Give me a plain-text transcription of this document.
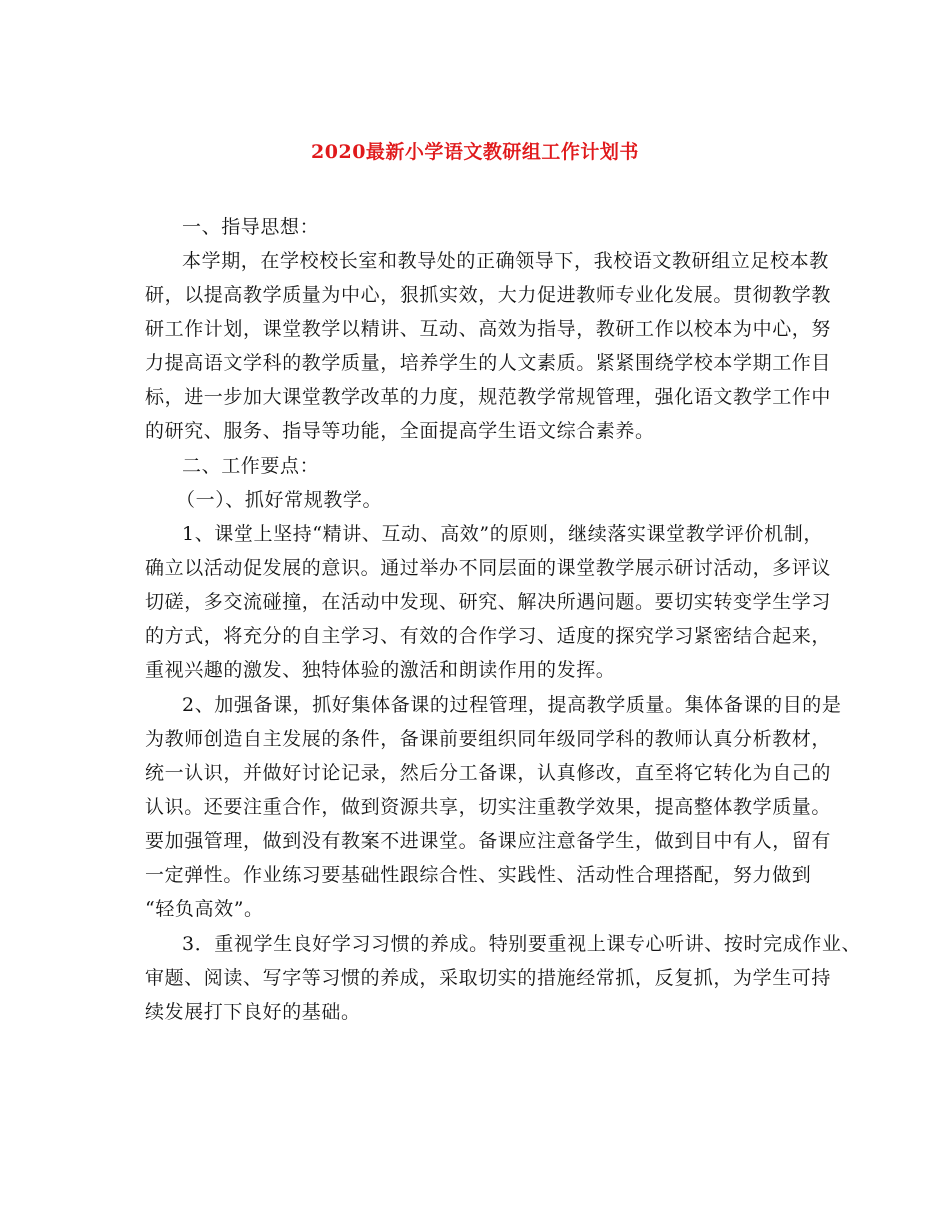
2020最新小学语文教研组工作计划书
一、指导思想：
本学期，在学校校长室和教导处的正确领导下，我校语文教研组立足校本教
研，以提高教学质量为中心，狠抓实效，大力促进教师专业化发展。贯彻教学教
研工作计划，课堂教学以精讲、互动、高效为指导，教研工作以校本为中心，努
力提高语文学科的教学质量，培养学生的人文素质。紧紧围绕学校本学期工作目
标，进一步加大课堂教学改革的力度，规范教学常规管理，强化语文教学工作中
的研究、服务、指导等功能，全面提高学生语文综合素养。
二、工作要点：
（一）、抓好常规教学。
1、课堂上坚持“精讲、互动、高效”的原则，继续落实课堂教学评价机制，
确立以活动促发展的意识。通过举办不同层面的课堂教学展示研讨活动，多评议
切磋，多交流碰撞，在活动中发现、研究、解决所遇问题。要切实转变学生学习
的方式，将充分的自主学习、有效的合作学习、适度的探究学习紧密结合起来，
重视兴趣的激发、独特体验的激活和朗读作用的发挥。
2、加强备课，抓好集体备课的过程管理，提高教学质量。集体备课的目的是
为教师创造自主发展的条件，备课前要组织同年级同学科的教师认真分析教材，
统一认识，并做好讨论记录，然后分工备课，认真修改，直至将它转化为自己的
认识。还要注重合作，做到资源共享，切实注重教学效果，提高整体教学质量。
要加强管理，做到没有教案不进课堂。备课应注意备学生，做到目中有人，留有
一定弹性。作业练习要基础性跟综合性、实践性、活动性合理搭配，努力做到
“轻负高效”。
3．重视学生良好学习习惯的养成。特别要重视上课专心听讲、按时完成作业、
审题、阅读、写字等习惯的养成，采取切实的措施经常抓，反复抓，为学生可持
续发展打下良好的基础。
